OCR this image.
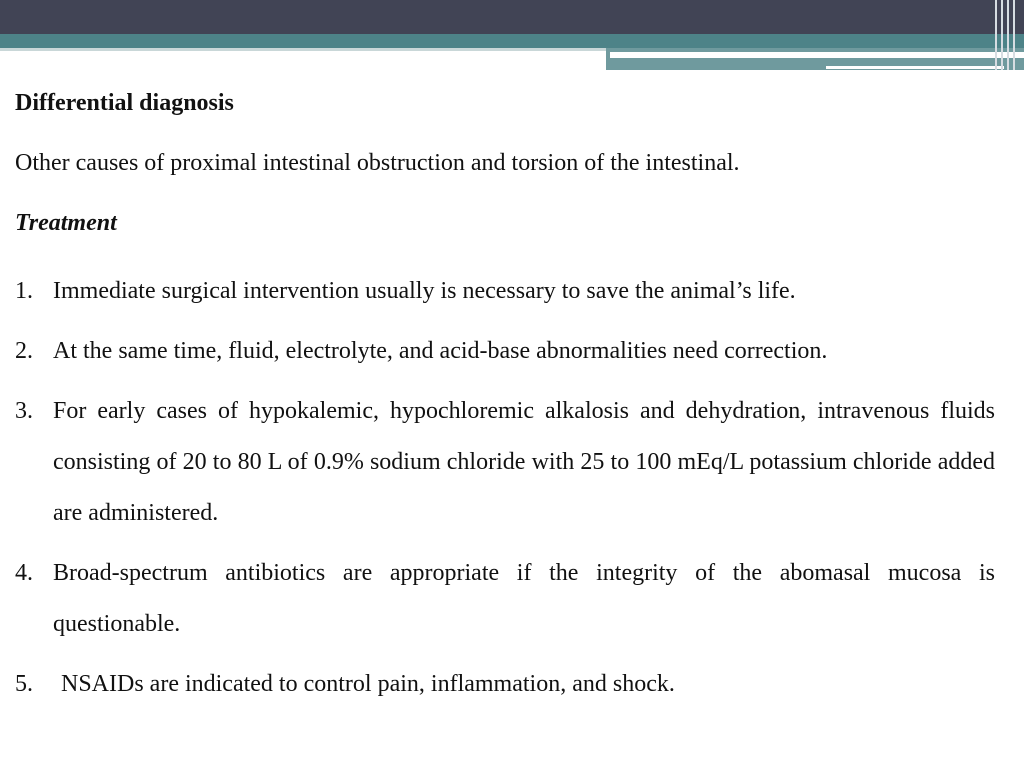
Differential diagnosis
Other causes of proximal intestinal obstruction and torsion of the intestinal.
Treatment
1. Immediate surgical intervention usually is necessary to save the animal’s life.
2. At the same time, fluid, electrolyte, and acid-base abnormalities need correction.
3. For early cases of hypokalemic, hypochloremic alkalosis and dehydration, intravenous fluids consisting of 20 to 80 L of 0.9% sodium chloride with 25 to 100 mEq/L potassium chloride added are administered.
4. Broad-spectrum antibiotics are appropriate if the integrity of the abomasal mucosa is questionable.
5.	NSAIDs are indicated to control pain, inflammation, and shock.
